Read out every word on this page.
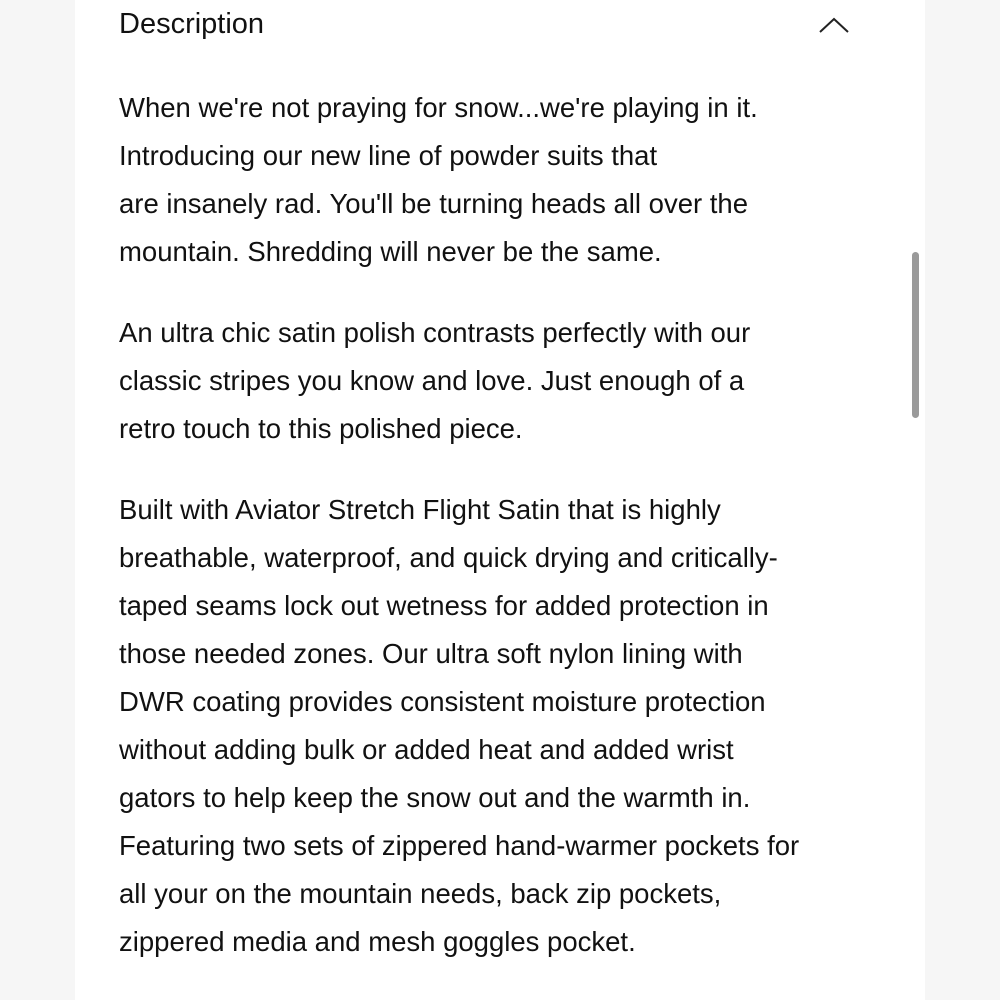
Description

When we're not praying for snow...we're playing in it.
Introducing our new line of powder suits that
are insanely rad. You'll be turning heads all over the
mountain. Shredding will never be the same.

An ultra chic satin polish contrasts perfectly with our
classic stripes you know and love. Just enough of a
retro touch to this polished piece.

Built with Aviator Stretch Flight Satin that is highly
breathable, waterproof, and quick drying and critically-
taped seams lock out wetness for added protection in
those needed zones. Our ultra soft nylon lining with
DWR coating provides consistent moisture protection
without adding bulk or added heat and added wrist
gators to help keep the snow out and the warmth in.
Featuring two sets of zippered hand-warmer pockets for
all your on the mountain needs, back zip pockets,
zippered media and mesh goggles pocket.
